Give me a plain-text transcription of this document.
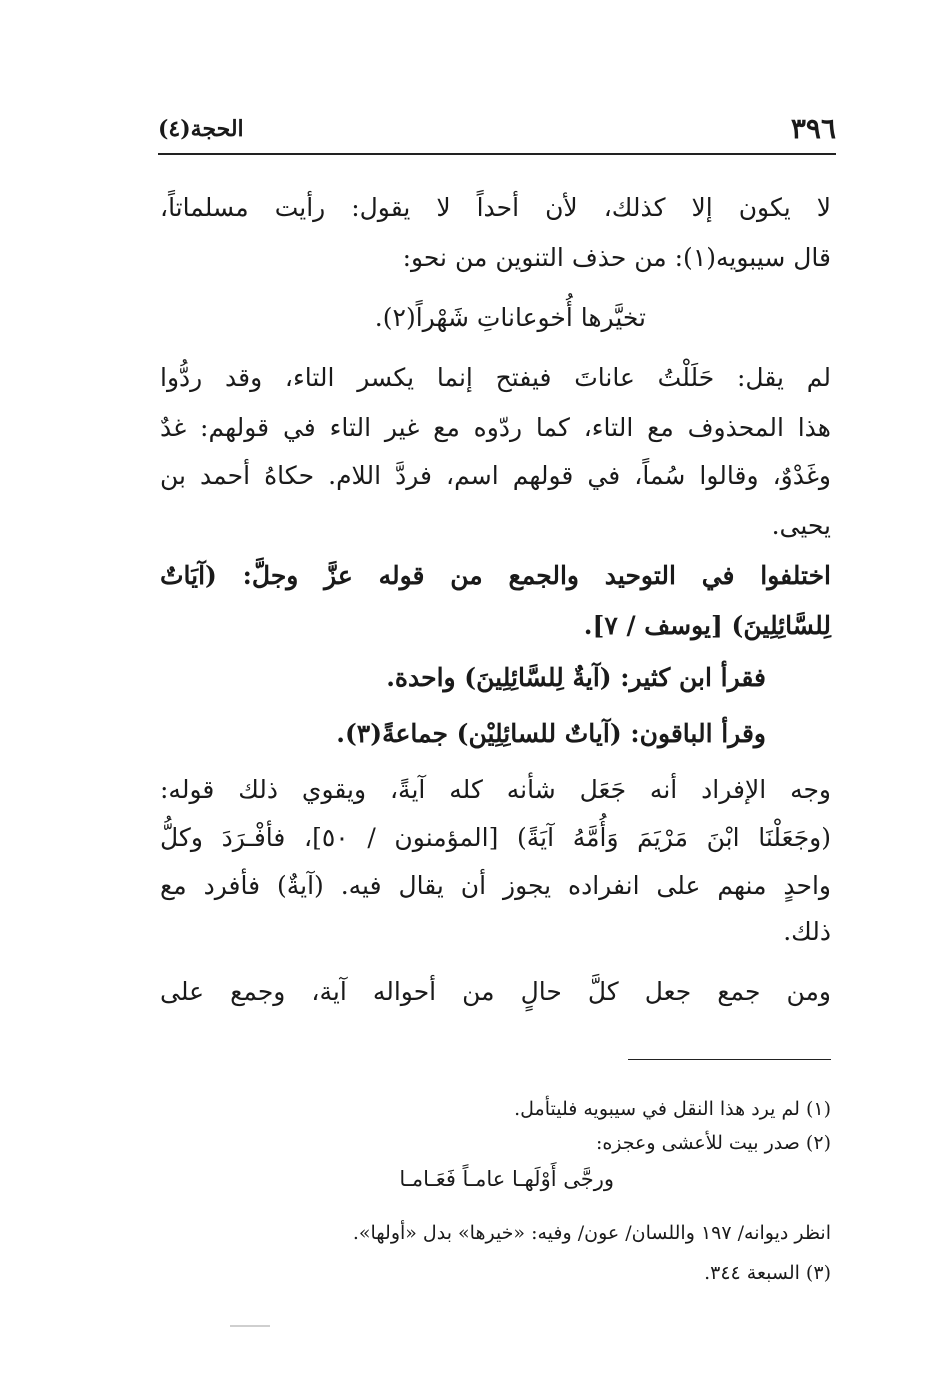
٣٩٦
الحجة(٤)
لا يكون إلا كذلك، لأن أحداً لا يقول: رأيت مسلماتاً،
قال سيبويه(١): من حذف التنوين من نحو:
تخيَّرها أُخوعاناتِ شَهْراً(٢).
لم يقل: حَلَلْتُ عاناتَ فيفتح إنما يكسر التاء، وقد ردُّوا
هذا المحذوف مع التاء، كما ردّوه مع غير التاء في قولهم: غدٌ
وغَدْوٌ، وقالوا سُماً، في قولهم اسم، فردَّ اللام. حكاهُ أحمد بن
يحيى.
اختلفوا في التوحيد والجمع من قوله عزَّ وجلَّ: (آيَاتٌ
لِلسَّائِلِينَ) [يوسف / ٧].
فقرأ ابن كثير: (آيةٌ لِلسَّائِلِينَ) واحدة.
وقرأ الباقون: (آياتٌ للسائِلِيْن) جماعةً(٣).
وجه الإفراد أنه جَعَل شأنه كله آيةً، ويقوي ذلك قوله:
(وجَعَلْنَا ابْنَ مَرْيَمَ وَأُمَّهُ آيَةً) [المؤمنون / ٥٠]، فأفْـرَدَ وكلُّ
واحدٍ منهم على انفراده يجوز أن يقال فيه. (آيةٌ) فأفرد مع
ذلك.
ومن جمع جعل كلَّ حالٍ من أحواله آية، وجمع على
(١) لم يرد هذا النقل في سيبويه فليتأمل.
(٢) صدر بيت للأعشى وعجزه:
ورجَّى أَوْلَهـا عامـاً فَعَـامـا
انظر ديوانه/ ١٩٧ واللسان/ عون/ وفيه: «خيرها» بدل «أولها».
(٣) السبعة ٣٤٤.
